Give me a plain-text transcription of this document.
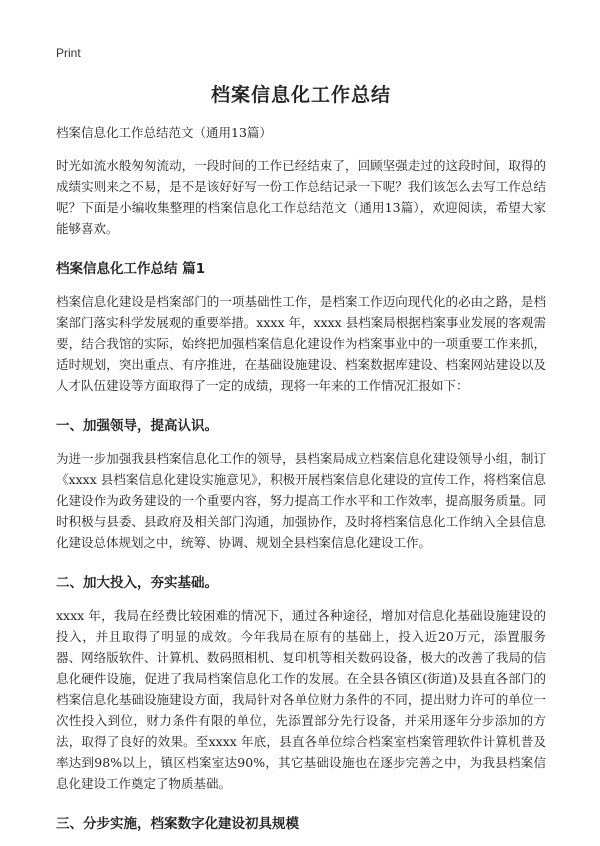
Print
档案信息化工作总结
档案信息化工作总结范文（通用13篇）

时光如流水般匆匆流动，一段时间的工作已经结束了，回顾坚强走过的这段时间，取得的成绩实则来之不易，是不是该好好写一份工作总结记录一下呢？我们该怎么去写工作总结呢？下面是小编收集整理的档案信息化工作总结范文（通用13篇），欢迎阅读，希望大家能够喜欢。

档案信息化工作总结 篇1

档案信息化建设是档案部门的一项基础性工作，是档案工作迈向现代化的必由之路，是档案部门落实科学发展观的重要举措。xxxx 年，xxxx 县档案局根据档案事业发展的客观需要，结合我馆的实际，始终把加强档案信息化建设作为档案事业中的一项重要工作来抓，适时规划，突出重点、有序推进，在基础设施建设、档案数据库建设、档案网站建设以及人才队伍建设等方面取得了一定的成绩，现将一年来的工作情况汇报如下：

一、加强领导，提高认识。

为进一步加强我县档案信息化工作的领导，县档案局成立档案信息化建设领导小组，制订《xxxx 县档案信息化建设实施意见》，积极开展档案信息化建设的宣传工作，将档案信息化建设作为政务建设的一个重要内容，努力提高工作水平和工作效率，提高服务质量。同时积极与县委、县政府及相关部门沟通，加强协作，及时将档案信息化工作纳入全县信息化建设总体规划之中，统筹、协调、规划全县档案信息化建设工作。

二、加大投入，夯实基础。

xxxx 年，我局在经费比较困难的情况下，通过各种途径，增加对信息化基础设施建设的投入，并且取得了明显的成效。今年我局在原有的基础上，投入近20万元，添置服务器、网络版软件、计算机、数码照相机、复印机等相关数码设备，极大的改善了我局的信息化硬件设施，促进了我局档案信息化工作的发展。在全县各镇区(街道)及县直各部门的档案信息化基础设施建设方面，我局针对各单位财力条件的不同，提出财力许可的单位一次性投入到位，财力条件有限的单位，先添置部分先行设备，并采用逐年分步添加的方法，取得了良好的效果。至xxxx 年底，县直各单位综合档案室档案管理软件计算机普及率达到98%以上，镇区档案室达90%，其它基础设施也在逐步完善之中，为我县档案信息化建设工作奠定了物质基础。

三、分步实施，档案数字化建设初具规模
